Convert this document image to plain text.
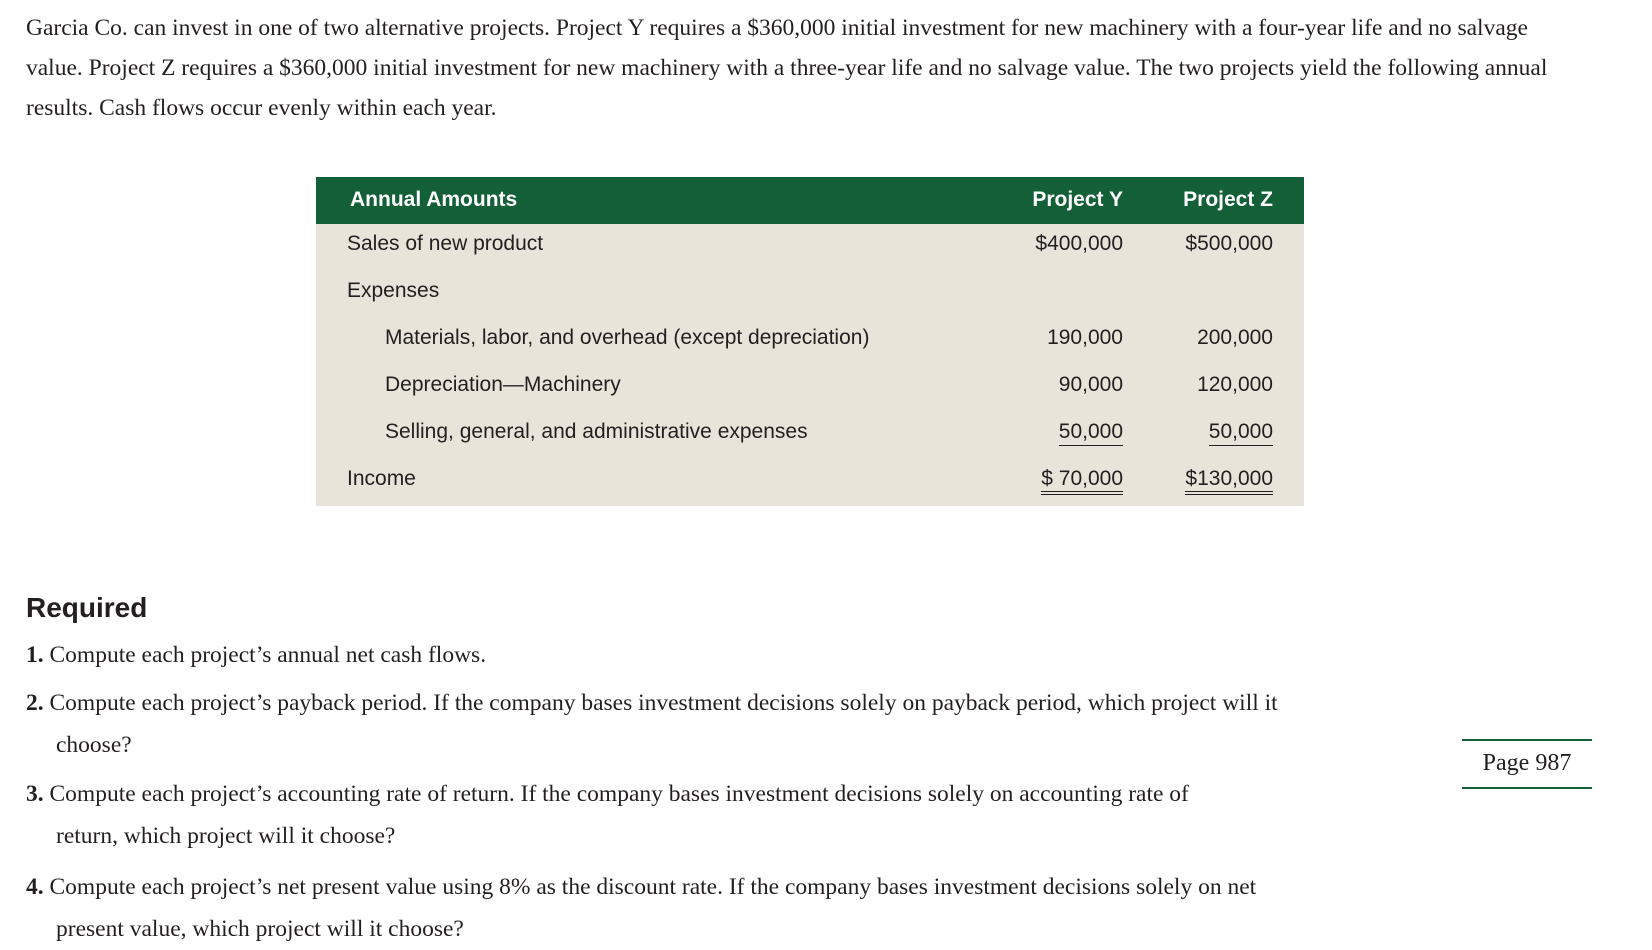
Garcia Co. can invest in one of two alternative projects. Project Y requires a $360,000 initial investment for new machinery with a four-year life and no salvage value. Project Z requires a $360,000 initial investment for new machinery with a three-year life and no salvage value. The two projects yield the following annual results. Cash flows occur evenly within each year.

Annual Amounts	Project Y	Project Z
Sales of new product	$400,000	$500,000
Expenses
Materials, labor, and overhead (except depreciation)	190,000	200,000
Depreciation—Machinery	90,000	120,000
Selling, general, and administrative expenses	50,000	50,000
Income	$ 70,000	$130,000
Required
1. Compute each project’s annual net cash flows.
2. Compute each project’s payback period. If the company bases investment decisions solely on payback period, which project will it
choose?
3. Compute each project’s accounting rate of return. If the company bases investment decisions solely on accounting rate of
return, which project will it choose?
4. Compute each project’s net present value using 8% as the discount rate. If the company bases investment decisions solely on net
present value, which project will it choose?
Page 987
